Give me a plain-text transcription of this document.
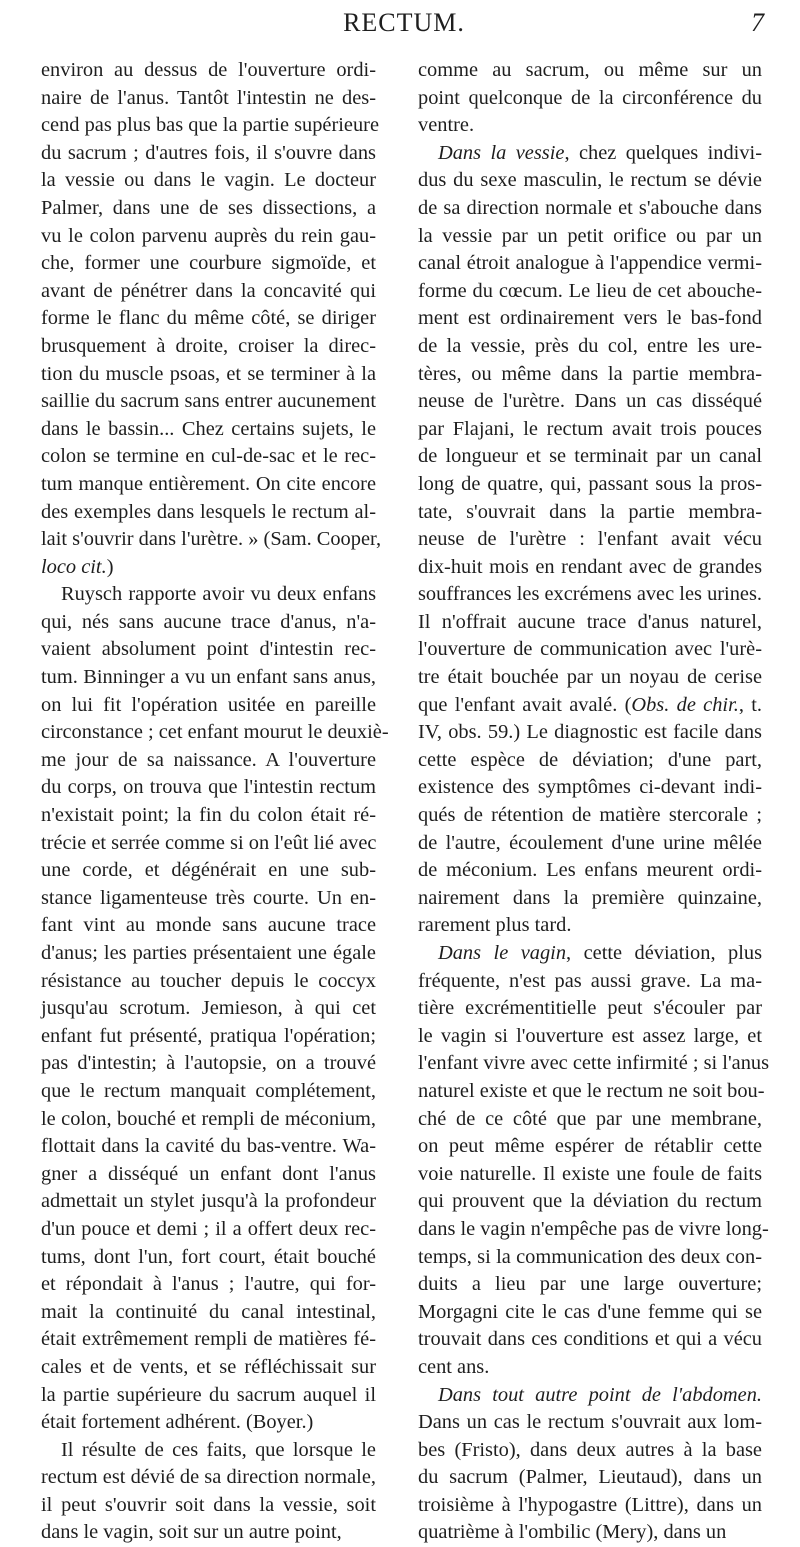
RECTUM.	7
environ au dessus de l'ouverture ordi-
naire de l'anus. Tantôt l'intestin ne des-
cend pas plus bas que la partie supérieure
du sacrum ; d'autres fois, il s'ouvre dans
la vessie ou dans le vagin. Le docteur
Palmer, dans une de ses dissections, a
vu le colon parvenu auprès du rein gau-
che, former une courbure sigmoïde, et
avant de pénétrer dans la concavité qui
forme le flanc du même côté, se diriger
brusquement à droite, croiser la direc-
tion du muscle psoas, et se terminer à la
saillie du sacrum sans entrer aucunement
dans le bassin... Chez certains sujets, le
colon se termine en cul-de-sac et le rec-
tum manque entièrement. On cite encore
des exemples dans lesquels le rectum al-
lait s'ouvrir dans l'urètre. » (Sam. Cooper,
loco cit.)
Ruysch rapporte avoir vu deux enfans
qui, nés sans aucune trace d'anus, n'a-
vaient absolument point d'intestin rec-
tum. Binninger a vu un enfant sans anus,
on lui fit l'opération usitée en pareille
circonstance ; cet enfant mourut le deuxiè-
me jour de sa naissance. A l'ouverture
du corps, on trouva que l'intestin rectum
n'existait point; la fin du colon était ré-
trécie et serrée comme si on l'eût lié avec
une corde, et dégénérait en une sub-
stance ligamenteuse très courte. Un en-
fant vint au monde sans aucune trace
d'anus; les parties présentaient une égale
résistance au toucher depuis le coccyx
jusqu'au scrotum. Jemieson, à qui cet
enfant fut présenté, pratiqua l'opération;
pas d'intestin; à l'autopsie, on a trouvé
que le rectum manquait complétement,
le colon, bouché et rempli de méconium,
flottait dans la cavité du bas-ventre. Wa-
gner a disséqué un enfant dont l'anus
admettait un stylet jusqu'à la profondeur
d'un pouce et demi ; il a offert deux rec-
tums, dont l'un, fort court, était bouché
et répondait à l'anus ; l'autre, qui for-
mait la continuité du canal intestinal,
était extrêmement rempli de matières fé-
cales et de vents, et se réfléchissait sur
la partie supérieure du sacrum auquel il
était fortement adhérent. (Boyer.)
Il résulte de ces faits, que lorsque le
rectum est dévié de sa direction normale,
il peut s'ouvrir soit dans la vessie, soit
dans le vagin, soit sur un autre point,
comme au sacrum, ou même sur un
point quelconque de la circonférence du
ventre.
Dans la vessie, chez quelques indivi-
dus du sexe masculin, le rectum se dévie
de sa direction normale et s'abouche dans
la vessie par un petit orifice ou par un
canal étroit analogue à l'appendice vermi-
forme du cœcum. Le lieu de cet abouche-
ment est ordinairement vers le bas-fond
de la vessie, près du col, entre les ure-
tères, ou même dans la partie membra-
neuse de l'urètre. Dans un cas disséqué
par Flajani, le rectum avait trois pouces
de longueur et se terminait par un canal
long de quatre, qui, passant sous la pros-
tate, s'ouvrait dans la partie membra-
neuse de l'urètre : l'enfant avait vécu
dix-huit mois en rendant avec de grandes
souffrances les excrémens avec les urines.
Il n'offrait aucune trace d'anus naturel,
l'ouverture de communication avec l'urè-
tre était bouchée par un noyau de cerise
que l'enfant avait avalé. (Obs. de chir., t.
IV, obs. 59.) Le diagnostic est facile dans
cette espèce de déviation; d'une part,
existence des symptômes ci-devant indi-
qués de rétention de matière stercorale ;
de l'autre, écoulement d'une urine mêlée
de méconium. Les enfans meurent ordi-
nairement dans la première quinzaine,
rarement plus tard.
Dans le vagin, cette déviation, plus
fréquente, n'est pas aussi grave. La ma-
tière excrémentitielle peut s'écouler par
le vagin si l'ouverture est assez large, et
l'enfant vivre avec cette infirmité ; si l'anus
naturel existe et que le rectum ne soit bou-
ché de ce côté que par une membrane,
on peut même espérer de rétablir cette
voie naturelle. Il existe une foule de faits
qui prouvent que la déviation du rectum
dans le vagin n'empêche pas de vivre long-
temps, si la communication des deux con-
duits a lieu par une large ouverture;
Morgagni cite le cas d'une femme qui se
trouvait dans ces conditions et qui a vécu
cent ans.
Dans tout autre point de l'abdomen.
Dans un cas le rectum s'ouvrait aux lom-
bes (Fristo), dans deux autres à la base
du sacrum (Palmer, Lieutaud), dans un
troisième à l'hypogastre (Littre), dans un
quatrième à l'ombilic (Mery), dans un
